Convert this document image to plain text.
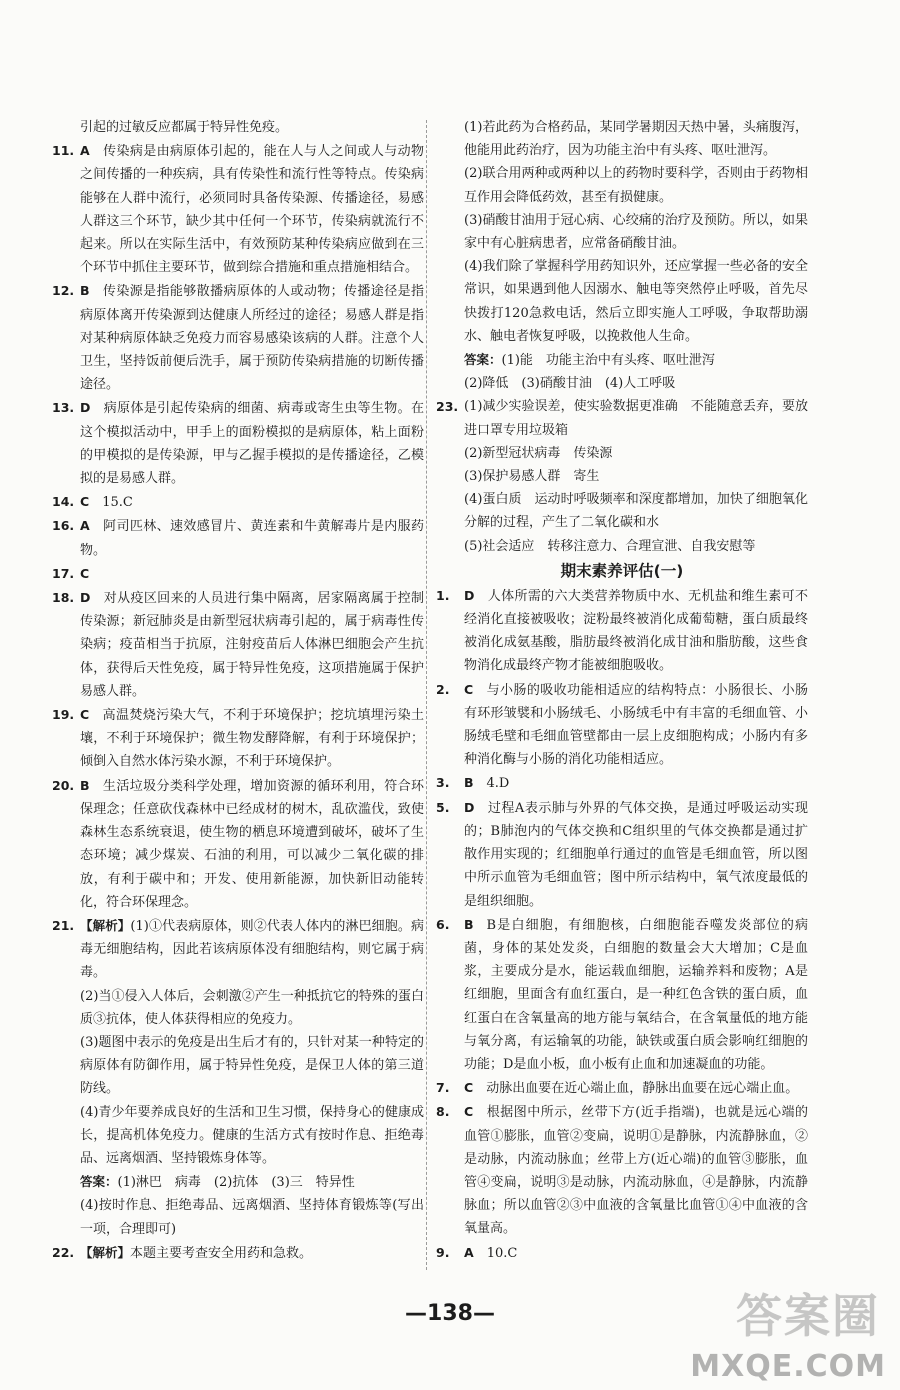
引起的过敏反应都属于特异性免疫。
11. A  传染病是由病原体引起的，能在人与人之间或人与动物之间传播的一种疾病，具有传染性和流行性等特点。传染病能够在人群中流行，必须同时具备传染源、传播途径，易感人群这三个环节，缺少其中任何一个环节，传染病就流行不起来。所以在实际生活中，有效预防某种传染病应做到在三个环节中抓住主要环节，做到综合措施和重点措施相结合。
12. B  传染源是指能够散播病原体的人或动物；传播途径是指病原体离开传染源到达健康人所经过的途径；易感人群是指对某种病原体缺乏免疫力而容易感染该病的人群。注意个人卫生，坚持饭前便后洗手，属于预防传染病措施的切断传播途径。
13. D  病原体是引起传染病的细菌、病毒或寄生虫等生物。在这个模拟活动中，甲手上的面粉模拟的是病原体，粘上面粉的甲模拟的是传染源，甲与乙握手模拟的是传播途径，乙模拟的是易感人群。
14. C  15.C
16. A  阿司匹林、速效感冒片、黄连素和牛黄解毒片是内服药物。
17. C 
18. D  对从疫区回来的人员进行集中隔离，居家隔离属于控制传染源；新冠肺炎是由新型冠状病毒引起的，属于病毒性传染病；疫苗相当于抗原，注射疫苗后人体淋巴细胞会产生抗体，获得后天性免疫，属于特异性免疫，这项措施属于保护易感人群。
19. C  高温焚烧污染大气，不利于环境保护；挖坑填埋污染土壤，不利于环境保护；微生物发酵降解，有利于环境保护；倾倒入自然水体污染水源，不利于环境保护。
20. B  生活垃圾分类科学处理，增加资源的循环利用，符合环保理念；任意砍伐森林中已经成材的树木，乱砍滥伐，致使森林生态系统衰退，使生物的栖息环境遭到破坏，破坏了生态环境；减少煤炭、石油的利用，可以减少二氧化碳的排放，有利于碳中和；开发、使用新能源，加快新旧动能转化，符合环保理念。
21. 【解析】(1)①代表病原体，则②代表人体内的淋巴细胞。病毒无细胞结构，因此若该病原体没有细胞结构，则它属于病毒。
(2)当①侵入人体后，会刺激②产生一种抵抗它的特殊的蛋白质③抗体，使人体获得相应的免疫力。
(3)题图中表示的免疫是出生后才有的，只针对某一种特定的病原体有防御作用，属于特异性免疫，是保卫人体的第三道防线。
(4)青少年要养成良好的生活和卫生习惯，保持身心的健康成长，提高机体免疫力。健康的生活方式有按时作息、拒绝毒品、远离烟酒、坚持锻炼身体等。
答案：(1)淋巴　病毒　(2)抗体　(3)三　特异性
(4)按时作息、拒绝毒品、远离烟酒、坚持体育锻炼等(写出一项，合理即可)
22. 【解析】本题主要考查安全用药和急救。
(1)若此药为合格药品，某同学暑期因天热中暑，头痛腹泻，他能用此药治疗，因为功能主治中有头疼、呕吐泄泻。
(2)联合用两种或两种以上的药物时要科学，否则由于药物相互作用会降低药效，甚至有损健康。
(3)硝酸甘油用于冠心病、心绞痛的治疗及预防。所以，如果家中有心脏病患者，应常备硝酸甘油。
(4)我们除了掌握科学用药知识外，还应掌握一些必备的安全常识，如果遇到他人因溺水、触电等突然停止呼吸，首先尽快拨打120急救电话，然后立即实施人工呼吸，争取帮助溺水、触电者恢复呼吸，以挽救他人生命。
答案：(1)能　功能主治中有头疼、呕吐泄泻
(2)降低　(3)硝酸甘油　(4)人工呼吸
23. (1)减少实验误差，使实验数据更准确　不能随意丢弃，要放进口罩专用垃圾箱
(2)新型冠状病毒　传染源
(3)保护易感人群　寄生
(4)蛋白质　运动时呼吸频率和深度都增加，加快了细胞氧化分解的过程，产生了二氧化碳和水
(5)社会适应　转移注意力、合理宣泄、自我安慰等
期末素养评估(一)
1. D  人体所需的六大类营养物质中水、无机盐和维生素可不经消化直接被吸收；淀粉最终被消化成葡萄糖，蛋白质最终被消化成氨基酸，脂肪最终被消化成甘油和脂肪酸，这些食物消化成最终产物才能被细胞吸收。
2. C  与小肠的吸收功能相适应的结构特点：小肠很长、小肠有环形皱襞和小肠绒毛、小肠绒毛中有丰富的毛细血管、小肠绒毛壁和毛细血管壁都由一层上皮细胞构成；小肠内有多种消化酶与小肠的消化功能相适应。
3. B  4.D
5. D  过程A表示肺与外界的气体交换，是通过呼吸运动实现的；B肺泡内的气体交换和C组织里的气体交换都是通过扩散作用实现的；红细胞单行通过的血管是毛细血管，所以图中所示血管为毛细血管；图中所示结构中，氧气浓度最低的是组织细胞。
6. B  B是白细胞，有细胞核，白细胞能吞噬发炎部位的病菌，身体的某处发炎，白细胞的数量会大大增加；C是血浆，主要成分是水，能运载血细胞，运输养料和废物；A是红细胞，里面含有血红蛋白，是一种红色含铁的蛋白质，血红蛋白在含氧量高的地方能与氧结合，在含氧量低的地方能与氧分离，有运输氧的功能，缺铁或蛋白质会影响红细胞的功能；D是血小板，血小板有止血和加速凝血的功能。
7. C  动脉出血要在近心端止血，静脉出血要在远心端止血。
8. C  根据图中所示，丝带下方(近手指端)，也就是远心端的血管①膨胀，血管②变扁，说明①是静脉，内流静脉血，②是动脉，内流动脉血；丝带上方(近心端)的血管③膨胀，血管④变扁，说明③是动脉，内流动脉血，④是静脉，内流静脉血；所以血管②③中血液的含氧量比血管①④中血液的含氧量高。
9. A  10.C
—138—	答案圈
MXQE.COM
